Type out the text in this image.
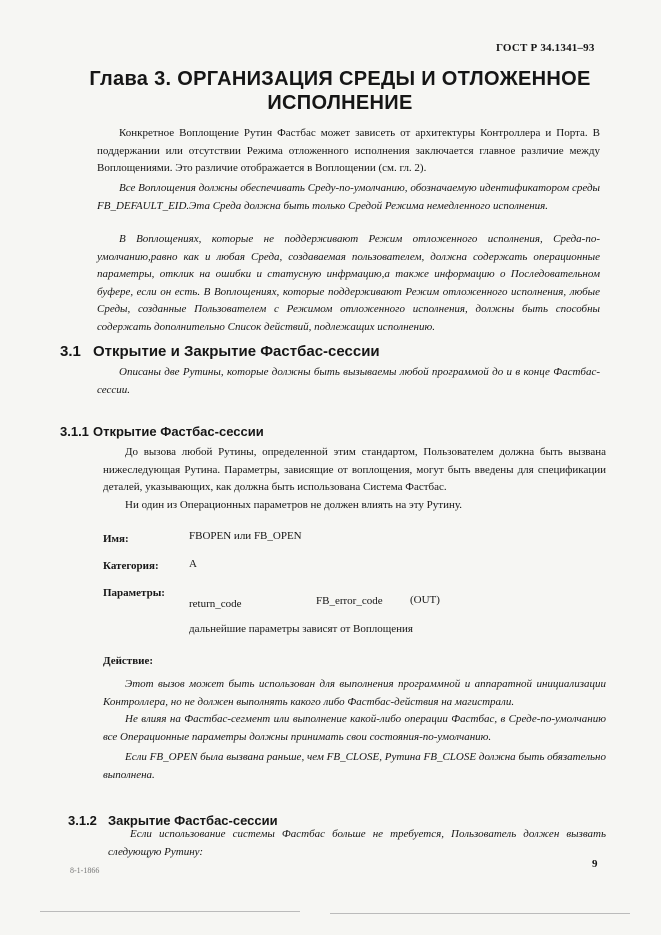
ГОСТ Р 34.1341–93
Глава 3. ОРГАНИЗАЦИЯ СРЕДЫ И ОТЛОЖЕННОЕ
ИСПОЛНЕНИЕ
Конкретное Воплощение Рутин Фастбас может зависеть от архитектуры Контроллера и Порта. В поддержании или отсутствии Режима отложенного исполнения заключается главное различие между Воплощениями. Это различие отображается в Воплощении (см. гл. 2).
Все Воплощения должны обеспечивать Среду-по-умолчанию, обозначаемую идентификатором среды FB_DEFAULT_EID.Эта Среда должна быть только Средой Режима немедленного исполнения.
В Воплощениях, которые не поддерживают Режим отложенного исполнения, Среда-по-умолчанию,равно как и любая Среда, создаваемая пользователем, должна содержать операционные параметры, отклик на ошибки и статусную инфрмацию,а также информацию о Последовательном буфере, если он есть. В Воплощениях, которые поддерживают Режим отложенного исполнения, любые Среды, созданные Пользователем с Режимом отложенного исполнения, должны быть способны содержать дополнительно Список действий, подлежащих исполнению.
3.1 Открытие и Закрытие Фастбас-сессии
Описаны две Рутины, которые должны быть вызываемы любой программой до и в конце Фастбас-сессии.
3.1.1 Открытие Фастбас-сессии
До вызова любой Рутины, определенной этим стандартом, Пользователем должна быть вызвана нижеследующая Рутина. Параметры, зависящие от воплощения, могут быть введены для спецификации деталей, указывающих, как должна быть использована Система Фастбас.
Ни один из Операционных параметров не должен влиять на эту Рутину.
Имя:	FBOPEN или FB_OPEN
Категория:	A
Параметры:
return_code	FB_error_code (OUT)
дальнейшие параметры зависят от Воплощения
Действие:
Этот вызов может быть использован для выполнения программной и аппаратной инициализации Контроллера, но не должен выполнять какого либо Фастбас-действия на магистрали.
Не влияя на Фастбас-сегмент или выполнение какой-либо операции Фастбас, в Среде-по-умолчанию все Операционные параметры должны принимать свои состояния-по-умолчанию.
Если FB_OPEN была вызвана раньше, чем FB_CLOSE, Рутина FB_CLOSE должна быть обязательно выполнена.
3.1.2 Закрытие Фастбас-сессии
Если использование системы Фастбас больше не требуется, Пользователь должен вызвать следующую Рутину:
8-1-1866
9
